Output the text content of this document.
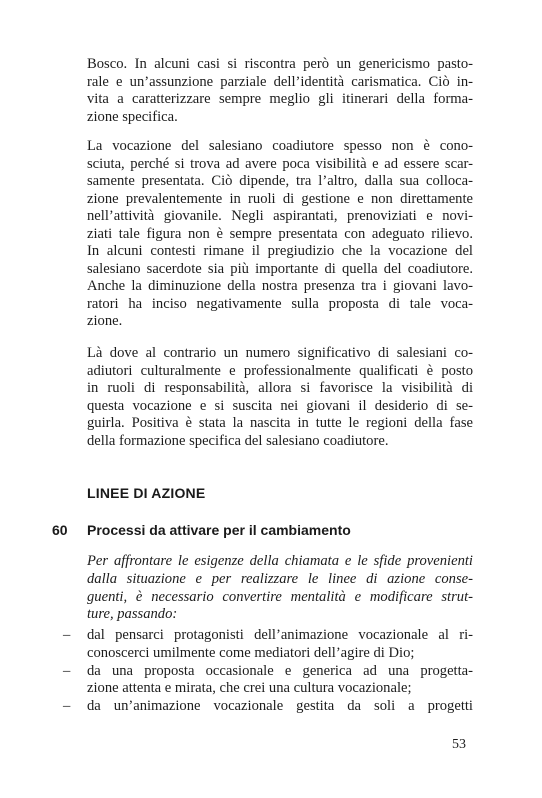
Bosco. In alcuni casi si riscontra però un genericismo pasto-
rale e un’assunzione parziale dell’identità carismatica. Ciò in-
vita a caratterizzare sempre meglio gli itinerari della forma-
zione specifica.
La vocazione del salesiano coadiutore spesso non è cono-
sciuta, perché si trova ad avere poca visibilità e ad essere scar-
samente presentata. Ciò dipende, tra l’altro, dalla sua colloca-
zione prevalentemente in ruoli di gestione e non direttamente
nell’attività giovanile. Negli aspirantati, prenoviziati e novi-
ziati tale figura non è sempre presentata con adeguato rilievo.
In alcuni contesti rimane il pregiudizio che la vocazione del
salesiano sacerdote sia più importante di quella del coadiutore.
Anche la diminuzione della nostra presenza tra i giovani lavo-
ratori ha inciso negativamente sulla proposta di tale voca-
zione.
Là dove al contrario un numero significativo di salesiani co-
adiutori culturalmente e professionalmente qualificati è posto
in ruoli di responsabilità, allora si favorisce la visibilità di
questa vocazione e si suscita nei giovani il desiderio di se-
guirla. Positiva è stata la nascita in tutte le regioni della fase
della formazione specifica del salesiano coadiutore.
LINEE DI AZIONE
60 Processi da attivare per il cambiamento
Per affrontare le esigenze della chiamata e le sfide provenienti
dalla situazione e per realizzare le linee di azione conse-
guenti, è necessario convertire mentalità e modificare strut-
ture, passando:
– dal pensarci protagonisti dell’animazione vocazionale al ri-
conoscerci umilmente come mediatori dell’agire di Dio;
– da una proposta occasionale e generica ad una progetta-
zione attenta e mirata, che crei una cultura vocazionale;
– da un’animazione vocazionale gestita da soli a progetti
53
